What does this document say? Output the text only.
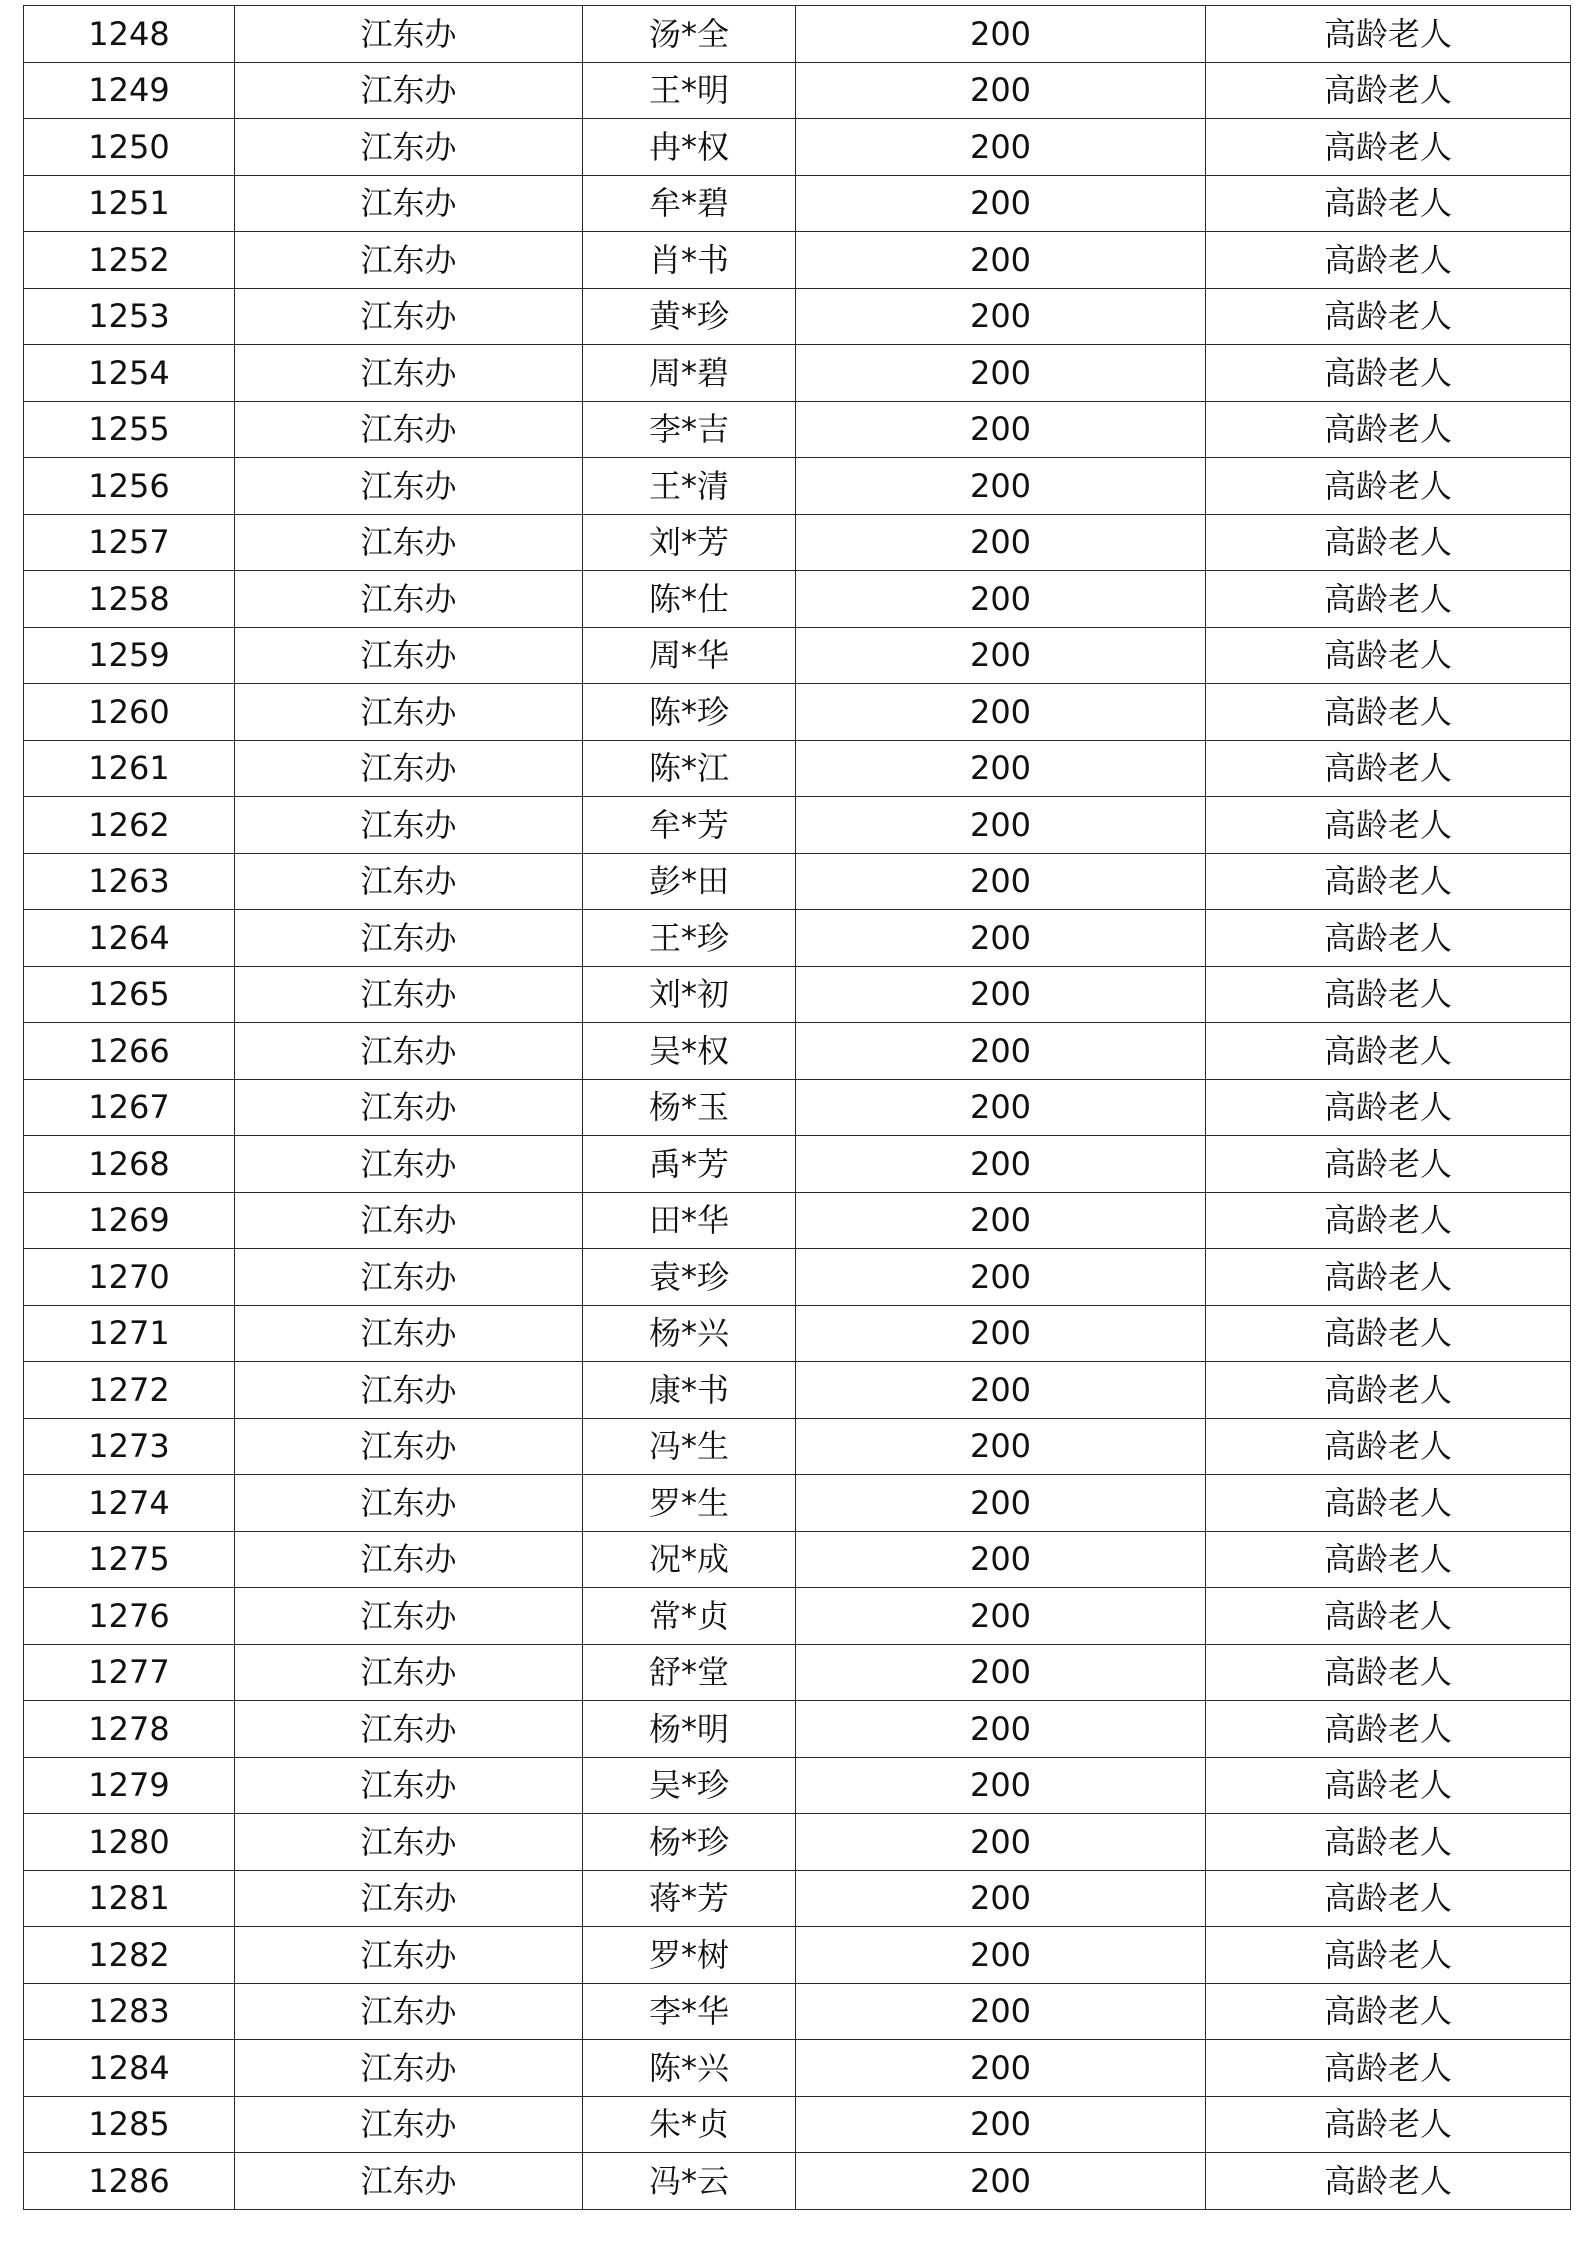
1248	江东办	汤*全	200	高龄老人
1249	江东办	王*明	200	高龄老人
1250	江东办	冉*权	200	高龄老人
1251	江东办	牟*碧	200	高龄老人
1252	江东办	肖*书	200	高龄老人
1253	江东办	黄*珍	200	高龄老人
1254	江东办	周*碧	200	高龄老人
1255	江东办	李*吉	200	高龄老人
1256	江东办	王*清	200	高龄老人
1257	江东办	刘*芳	200	高龄老人
1258	江东办	陈*仕	200	高龄老人
1259	江东办	周*华	200	高龄老人
1260	江东办	陈*珍	200	高龄老人
1261	江东办	陈*江	200	高龄老人
1262	江东办	牟*芳	200	高龄老人
1263	江东办	彭*田	200	高龄老人
1264	江东办	王*珍	200	高龄老人
1265	江东办	刘*初	200	高龄老人
1266	江东办	吴*权	200	高龄老人
1267	江东办	杨*玉	200	高龄老人
1268	江东办	禹*芳	200	高龄老人
1269	江东办	田*华	200	高龄老人
1270	江东办	袁*珍	200	高龄老人
1271	江东办	杨*兴	200	高龄老人
1272	江东办	康*书	200	高龄老人
1273	江东办	冯*生	200	高龄老人
1274	江东办	罗*生	200	高龄老人
1275	江东办	况*成	200	高龄老人
1276	江东办	常*贞	200	高龄老人
1277	江东办	舒*堂	200	高龄老人
1278	江东办	杨*明	200	高龄老人
1279	江东办	吴*珍	200	高龄老人
1280	江东办	杨*珍	200	高龄老人
1281	江东办	蒋*芳	200	高龄老人
1282	江东办	罗*树	200	高龄老人
1283	江东办	李*华	200	高龄老人
1284	江东办	陈*兴	200	高龄老人
1285	江东办	朱*贞	200	高龄老人
1286	江东办	冯*云	200	高龄老人
